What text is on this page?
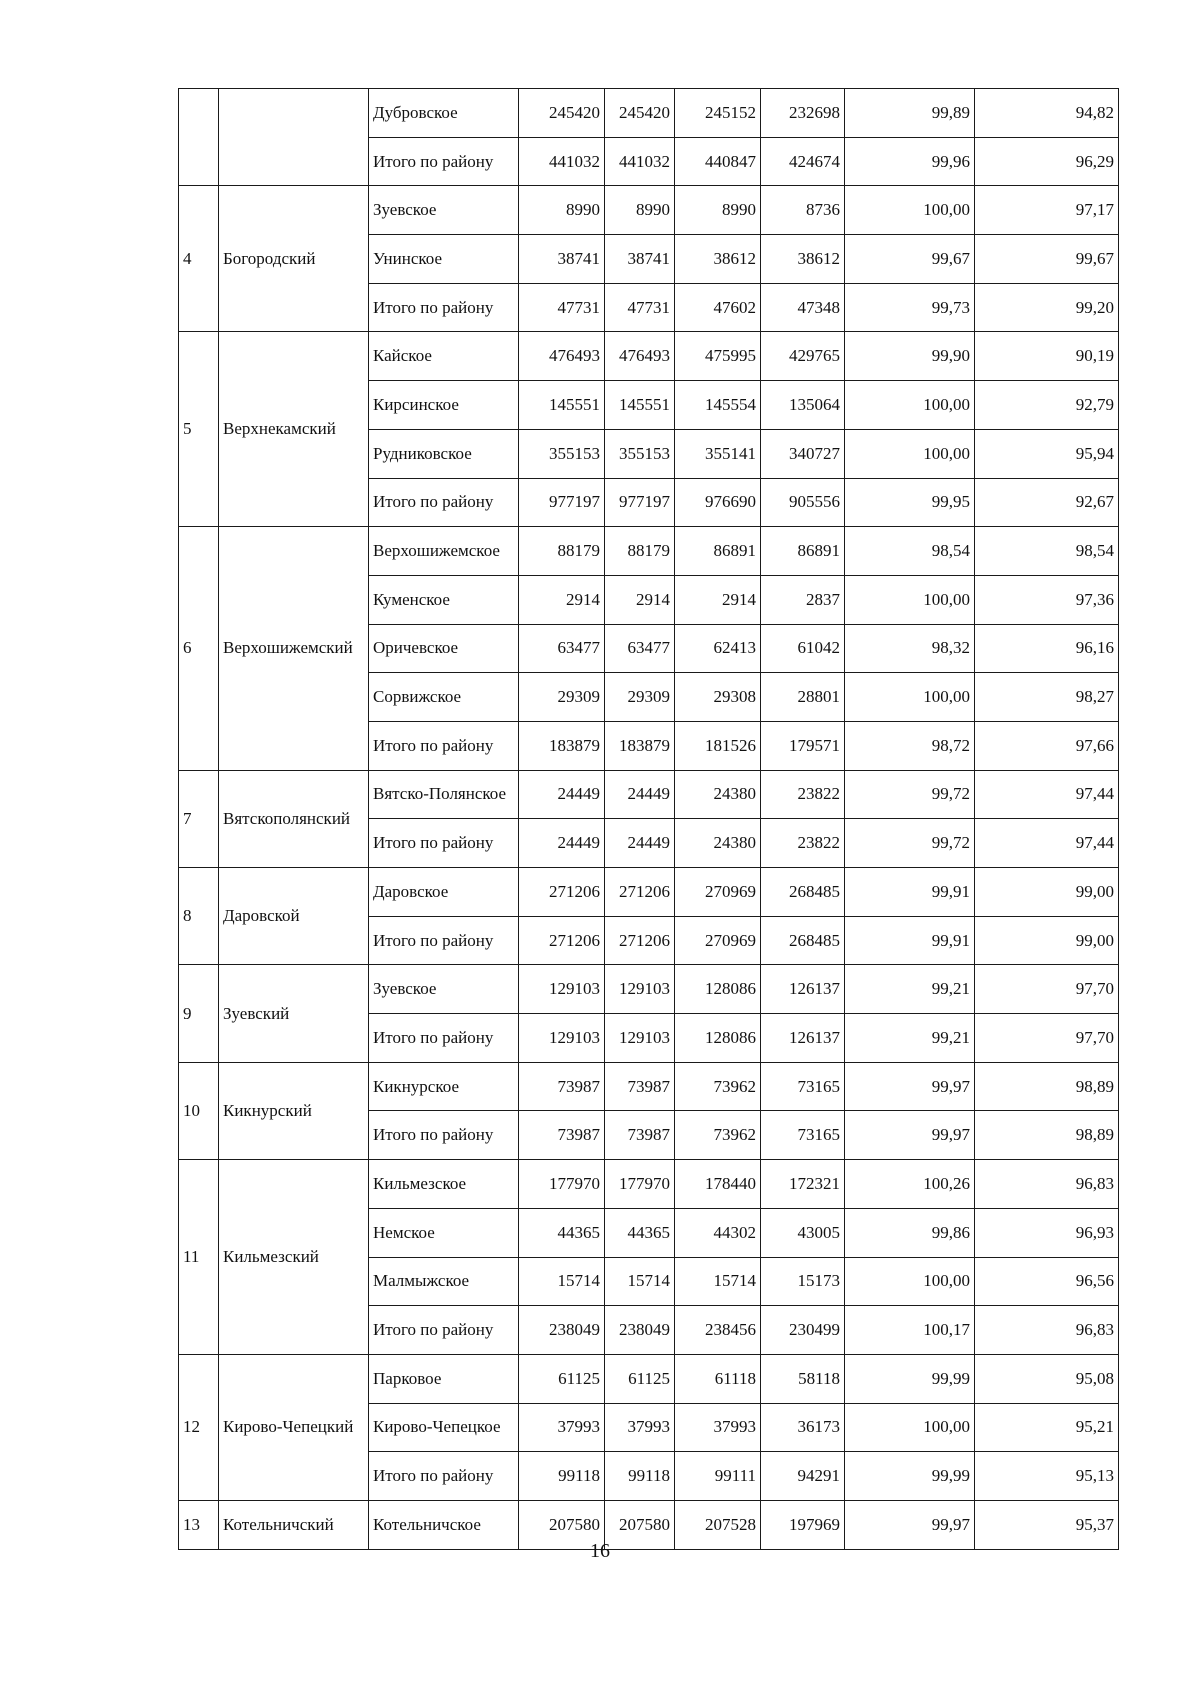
		Дубровское	245420	245420	245152	232698	99,89	94,82
		Итого по району	441032	441032	440847	424674	99,96	96,29
4	Богородский	Зуевское	8990	8990	8990	8736	100,00	97,17
		Унинское	38741	38741	38612	38612	99,67	99,67
		Итого по району	47731	47731	47602	47348	99,73	99,20
5	Верхнекамский	Кайское	476493	476493	475995	429765	99,90	90,19
		Кирсинское	145551	145551	145554	135064	100,00	92,79
		Рудниковское	355153	355153	355141	340727	100,00	95,94
		Итого по району	977197	977197	976690	905556	99,95	92,67
6	Верхошижемский	Верхошижемское	88179	88179	86891	86891	98,54	98,54
		Куменское	2914	2914	2914	2837	100,00	97,36
		Оричевское	63477	63477	62413	61042	98,32	96,16
		Сорвижское	29309	29309	29308	28801	100,00	98,27
		Итого по району	183879	183879	181526	179571	98,72	97,66
7	Вятскополянский	Вятско-Полянское	24449	24449	24380	23822	99,72	97,44
		Итого по району	24449	24449	24380	23822	99,72	97,44
8	Даровской	Даровское	271206	271206	270969	268485	99,91	99,00
		Итого по району	271206	271206	270969	268485	99,91	99,00
9	Зуевский	Зуевское	129103	129103	128086	126137	99,21	97,70
		Итого по району	129103	129103	128086	126137	99,21	97,70
10	Кикнурский	Кикнурское	73987	73987	73962	73165	99,97	98,89
		Итого по району	73987	73987	73962	73165	99,97	98,89
11	Кильмезский	Кильмезское	177970	177970	178440	172321	100,26	96,83
		Немское	44365	44365	44302	43005	99,86	96,93
		Малмыжское	15714	15714	15714	15173	100,00	96,56
		Итого по району	238049	238049	238456	230499	100,17	96,83
12	Кирово-Чепецкий	Парковое	61125	61125	61118	58118	99,99	95,08
		Кирово-Чепецкое	37993	37993	37993	36173	100,00	95,21
		Итого по району	99118	99118	99111	94291	99,99	95,13
13	Котельничский	Котельничское	207580	207580	207528	197969	99,97	95,37
16
